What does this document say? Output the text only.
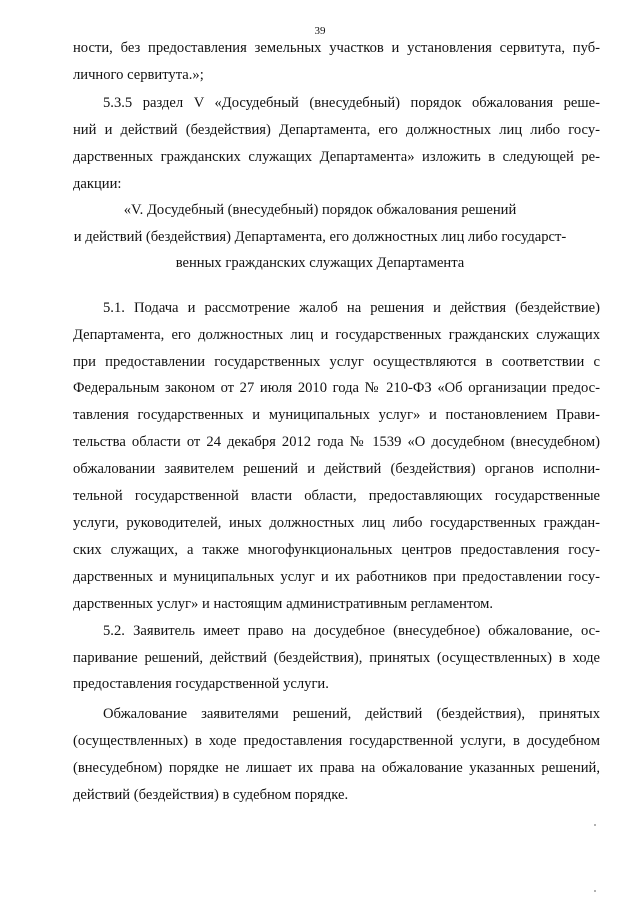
39
ности, без предоставления земельных участков и установления сервитута, пуб-
личного сервитута.»;
5.3.5 раздел V «Досудебный (внесудебный) порядок обжалования реше-
ний и действий (бездействия) Департамента, его должностных лиц либо госу-
дарственных гражданских служащих Департамента» изложить в следующей ре-
дакции:
«V. Досудебный (внесудебный) порядок обжалования решений
и действий (бездействия) Департамента, его должностных лиц либо государст-
венных гражданских служащих Департамента
5.1. Подача и рассмотрение жалоб на решения и действия (бездействие)
Департамента, его должностных лиц и государственных гражданских служащих
при предоставлении государственных услуг осуществляются в соответствии с
Федеральным законом от 27 июля 2010 года № 210-ФЗ «Об организации предос-
тавления государственных и муниципальных услуг» и постановлением Прави-
тельства области от 24 декабря 2012 года № 1539 «О досудебном (внесудебном)
обжаловании заявителем решений и действий (бездействия) органов исполни-
тельной государственной власти области, предоставляющих государственные
услуги, руководителей, иных должностных лиц либо государственных граждан-
ских служащих, а также многофункциональных центров предоставления госу-
дарственных и муниципальных услуг и их работников при предоставлении госу-
дарственных услуг» и настоящим административным регламентом.
5.2. Заявитель имеет право на досудебное (внесудебное) обжалование, ос-
паривание решений, действий (бездействия), принятых (осуществленных) в ходе
предоставления государственной услуги.
Обжалование заявителями решений, действий (бездействия), принятых
(осуществленных) в ходе предоставления государственной услуги, в досудебном
(внесудебном) порядке не лишает их права на обжалование указанных решений,
действий (бездействия) в судебном порядке.
